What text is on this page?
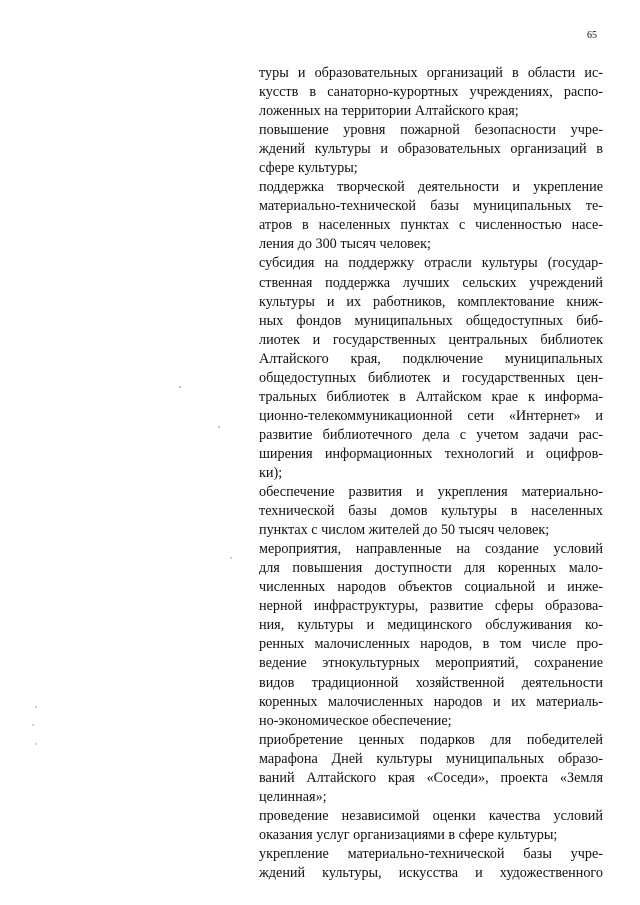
65
туры и образовательных организаций в области ис-
кусств в санаторно-курортных учреждениях, распо-
ложенных на территории Алтайского края;
повышение уровня пожарной безопасности учре-
ждений культуры и образовательных организаций в
сфере культуры;
поддержка творческой деятельности и укрепление
материально-технической базы муниципальных те-
атров в населенных пунктах с численностью насе-
ления до 300 тысяч человек;
субсидия на поддержку отрасли культуры (государ-
ственная поддержка лучших сельских учреждений
культуры и их работников, комплектование книж-
ных фондов муниципальных общедоступных биб-
лиотек и государственных центральных библиотек
Алтайского края, подключение муниципальных
общедоступных библиотек и государственных цен-
тральных библиотек в Алтайском крае к информа-
ционно-телекоммуникационной сети «Интернет» и
развитие библиотечного дела с учетом задачи рас-
ширения информационных технологий и оцифров-
ки);
обеспечение развития и укрепления материально-
технической базы домов культуры в населенных
пунктах с числом жителей до 50 тысяч человек;
мероприятия, направленные на создание условий
для повышения доступности для коренных мало-
численных народов объектов социальной и инже-
нерной инфраструктуры, развитие сферы образова-
ния, культуры и медицинского обслуживания ко-
ренных малочисленных народов, в том числе про-
ведение этнокультурных мероприятий, сохранение
видов традиционной хозяйственной деятельности
коренных малочисленных народов и их материаль-
но-экономическое обеспечение;
приобретение ценных подарков для победителей
марафона Дней культуры муниципальных образо-
ваний Алтайского края «Соседи», проекта «Земля
целинная»;
проведение независимой оценки качества условий
оказания услуг организациями в сфере культуры;
укрепление материально-технической базы учре-
ждений культуры, искусства и художественного
